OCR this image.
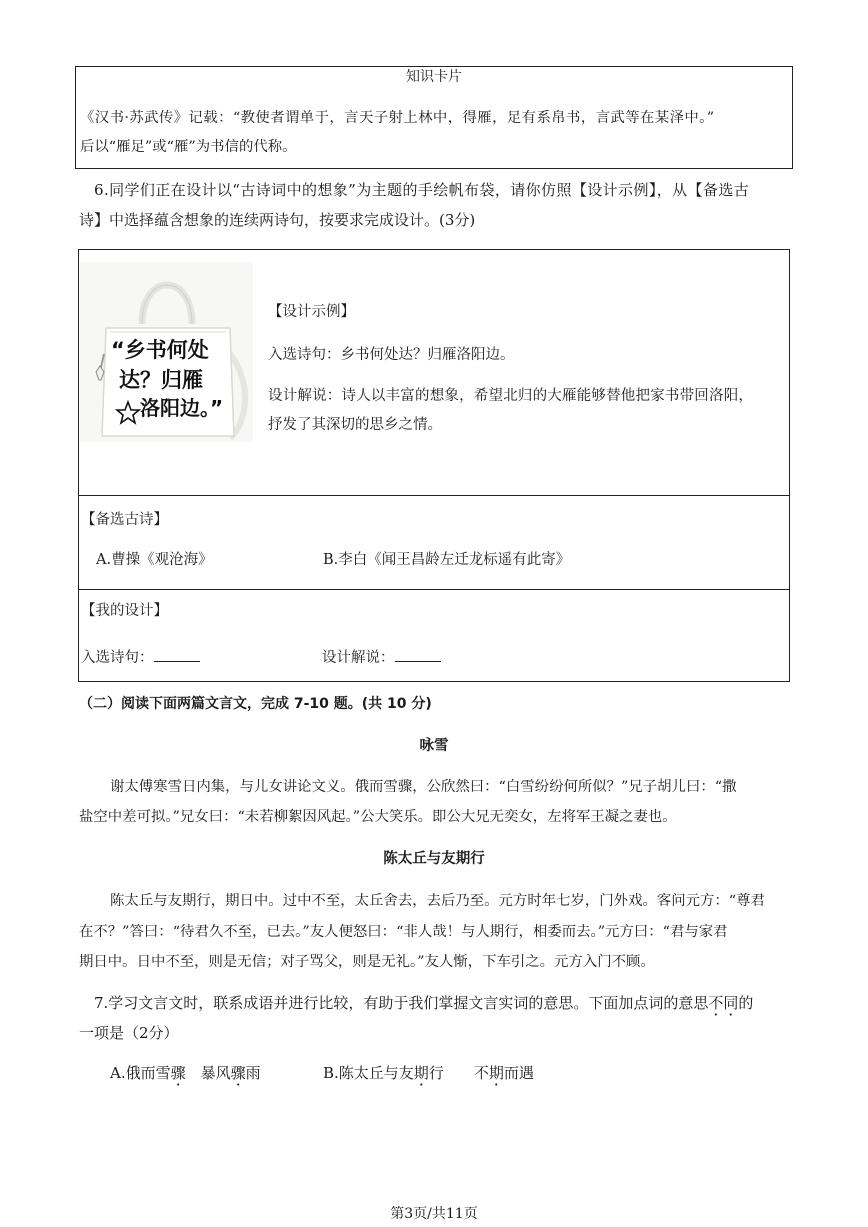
知识卡片
《汉书·苏武传》记载：“教使者谓单于，言天子射上林中，得雁，足有系帛书，言武等在某泽中。”
后以“雁足”或“雁”为书信的代称。
6.同学们正在设计以“古诗词中的想象”为主题的手绘帆布袋，请你仿照【设计示例】，从【备选古
诗】中选择蕴含想象的连续两诗句，按要求完成设计。(3分)
“乡书何处
达？归雁
洛阳边。”
【设计示例】
入选诗句：乡书何处达？归雁洛阳边。
设计解说：诗人以丰富的想象，希望北归的大雁能够替他把家书带回洛阳，
抒发了其深切的思乡之情。
【备选古诗】
A.曹操《观沧海》	B.李白《闻王昌龄左迁龙标遥有此寄》
【我的设计】
入选诗句：	设计解说：
（二）阅读下面两篇文言文，完成 7-10 题。(共 10 分)
咏雪
谢太傅寒雪日内集，与儿女讲论文义。俄而雪骤，公欣然曰：“白雪纷纷何所似？”兄子胡儿曰：“撒
盐空中差可拟。”兄女曰：“未若柳絮因风起。”公大笑乐。即公大兄无奕女，左将军王凝之妻也。
陈太丘与友期行
陈太丘与友期行，期日中。过中不至，太丘舍去，去后乃至。元方时年七岁，门外戏。客问元方：“尊君
在不？”答曰：“待君久不至，已去。”友人便怒曰：“非人哉！与人期行，相委而去。”元方曰：“君与家君
期日中。日中不至，则是无信；对子骂父，则是无礼。”友人惭，下车引之。元方入门不顾。
7.学习文言文时，联系成语并进行比较，有助于我们掌握文言实词的意思。下面加点词的意思不同的
一项是（2分）
A.俄而雪骤　暴风骤雨	B.陈太丘与友期行　　不期而遇
第3页/共11页
